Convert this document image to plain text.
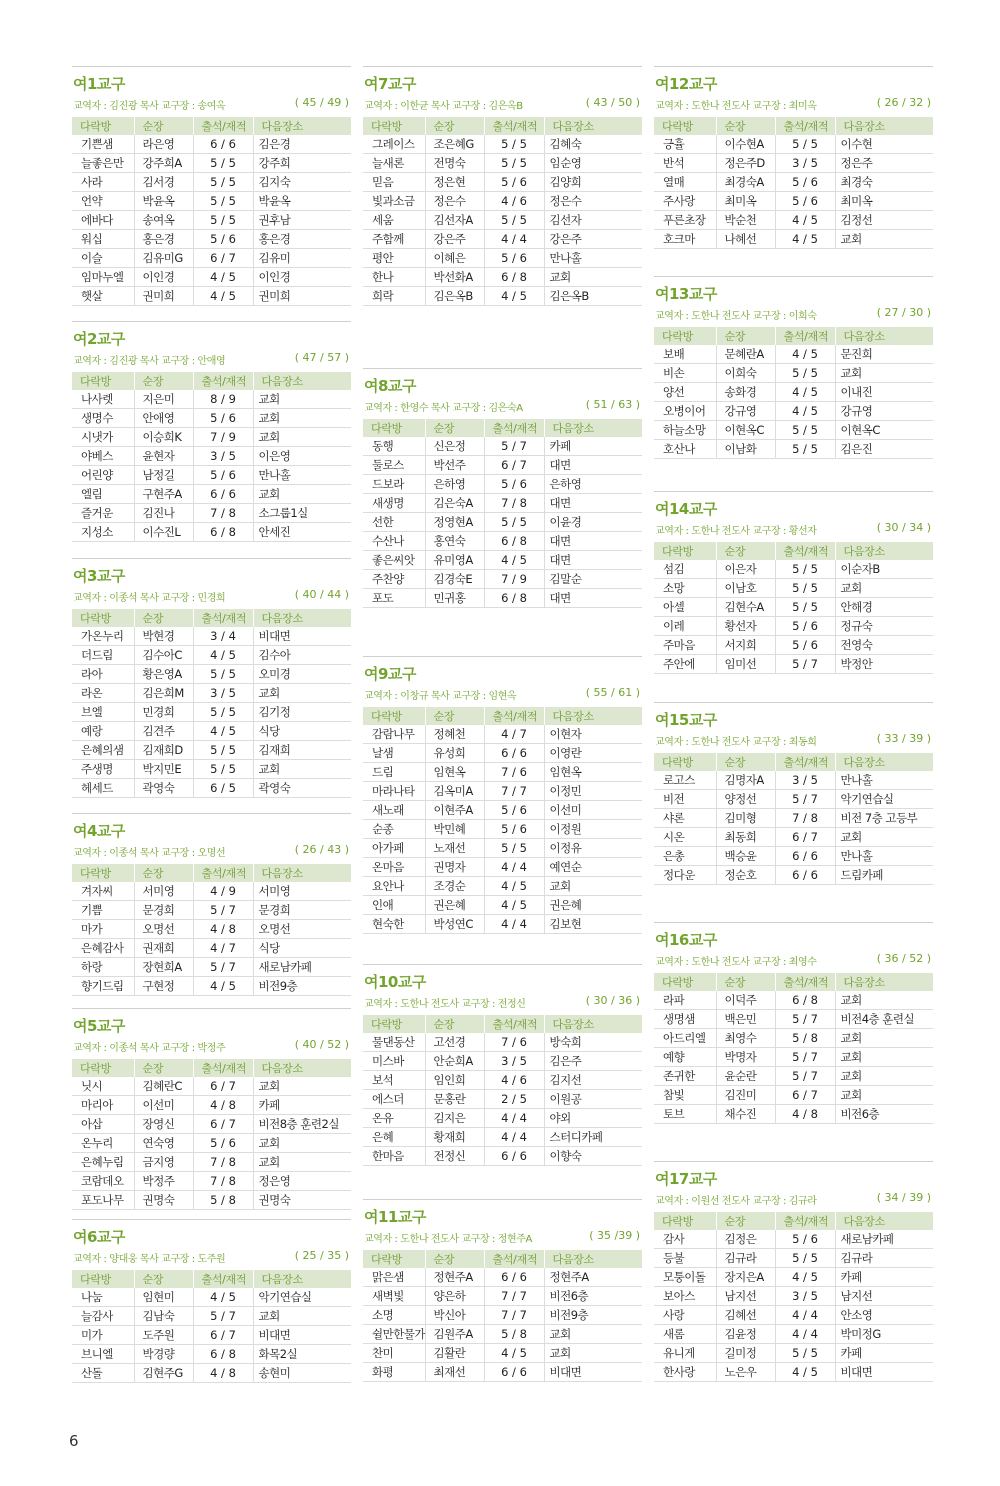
여1교구
교역자 : 김진광 목사 교구장 : 송여옥	( 45 / 49 )
다락방	순장	출석/재적	다음장소
기쁜샘	라은영	6 / 6	김은경
늘좋은만	강주희A	5 / 5	강주희
사라	김서경	5 / 5	김지숙
언약	박윤옥	5 / 5	박윤옥
에바다	송여옥	5 / 5	권후남
워십	홍은경	5 / 6	홍은경
이슬	김유미G	6 / 7	김유미
임마누엘	이인경	4 / 5	이인경
햇살	권미희	4 / 5	권미희
여2교구
교역자 : 김진광 목사 교구장 : 안애영	( 47 / 57 )
다락방	순장	출석/재적	다음장소
나사렛	지은미	8 / 9	교회
생명수	안애영	5 / 6	교회
시냇가	이승희K	7 / 9	교회
야베스	윤현자	3 / 5	이은영
어린양	남정길	5 / 6	만나홀
엘림	구현주A	6 / 6	교회
즐거운	김진나	7 / 8	소그룹1실
지성소	이수진L	6 / 8	안세진
여3교구
교역자 : 이종석 목사 교구장 : 민경희	( 40 / 44 )
다락방	순장	출석/재적	다음장소
가온누리	박현경	3 / 4	비대면
더드림	김수아C	4 / 5	김수아
라아	황은영A	5 / 5	오미경
라온	김은희M	3 / 5	교회
브엘	민경희	5 / 5	김기정
예랑	김견주	4 / 5	식당
은혜의샘	김재희D	5 / 5	김재희
주생명	박지민E	5 / 5	교회
헤세드	곽영숙	6 / 5	곽영숙
여4교구
교역자 : 이종석 목사 교구장 : 오명선	( 26 / 43 )
다락방	순장	출석/재적	다음장소
겨자씨	서미영	4 / 9	서미영
기쁨	문경희	5 / 7	문경희
마가	오명선	4 / 8	오명선
은혜감사	권재희	4 / 7	식당
하랑	장현희A	5 / 7	새로남카페
향기드림	구현정	4 / 5	비전9층
여5교구
교역자 : 이종석 목사 교구장 : 박정주	( 40 / 52 )
다락방	순장	출석/재적	다음장소
닛시	김혜란C	6 / 7	교회
마리아	이선미	4 / 8	카페
아삽	장영신	6 / 7	비전8층 훈련2실
온누리	연숙영	5 / 6	교회
은혜누림	금지영	7 / 8	교회
코람데오	박정주	7 / 8	정은영
포도나무	권명숙	5 / 8	권명숙
여6교구
교역자 : 양대웅 목사 교구장 : 도주원	( 25 / 35 )
다락방	순장	출석/재적	다음장소
나눔	임현미	4 / 5	악기연습실
늘감사	김남숙	5 / 7	교회
미가	도주원	6 / 7	비대면
브니엘	박경량	6 / 8	화목2실
산돌	김현주G	4 / 8	송현미
여7교구
교역자 : 이한균 목사 교구장 : 김은옥B	( 43 / 50 )
다락방	순장	출석/재적	다음장소
그레이스	조은혜G	5 / 5	김혜숙
늘새론	전명숙	5 / 5	임순영
믿음	정은현	5 / 6	김양희
빛과소금	정은수	4 / 6	정은수
세움	김선자A	5 / 5	김선자
주함께	강은주	4 / 4	강은주
평안	이혜은	5 / 6	만나홀
한나	박선화A	6 / 8	교회
희락	김은옥B	4 / 5	김은옥B
여8교구
교역자 : 한영수 목사 교구장 : 김은숙A	( 51 / 63 )
다락방	순장	출석/재적	다음장소
동행	신은정	5 / 7	카페
둘로스	박선주	6 / 7	대면
드보라	은하영	5 / 6	은하영
새생명	김은숙A	7 / 8	대면
선한	정영현A	5 / 5	이윤경
수산나	홍연숙	6 / 8	대면
좋은씨앗	유미영A	4 / 5	대면
주찬양	김경숙E	7 / 9	김말순
포도	민귀홍	6 / 8	대면
여9교구
교역자 : 이창규 목사 교구장 : 임현옥	( 55 / 61 )
다락방	순장	출석/재적	다음장소
감람나무	정혜천	4 / 7	이현자
날샘	유성희	6 / 6	이영란
드림	임현옥	7 / 6	임현옥
마라나타	김옥미A	7 / 7	이정민
새노래	이현주A	5 / 6	이선미
순종	박민혜	5 / 6	이정원
아가페	노재선	5 / 5	이정유
온마음	권명자	4 / 4	예연순
요안나	조경순	4 / 5	교회
인애	권은혜	4 / 5	권은혜
현숙한	박성연C	4 / 4	김보현
여10교구
교역자 : 도한나 전도사 교구장 : 전정신	( 30 / 36 )
다락방	순장	출석/재적	다음장소
물댄동산	고선경	7 / 6	방숙희
미스바	안순희A	3 / 5	김은주
보석	임인희	4 / 6	김지선
에스더	문홍란	2 / 5	이원공
온유	김지은	4 / 4	야외
은혜	황재희	4 / 4	스터디카페
한마음	전정신	6 / 6	이향숙
여11교구
교역자 : 도한나 전도사 교구장 : 정현주A	( 35 /39 )
다락방	순장	출석/재적	다음장소
맑은샘	정현주A	6 / 6	정현주A
새벽빛	양은하	7 / 7	비전6층
소명	박신아	7 / 7	비전9층
쉴만한물가	김원주A	5 / 8	교회
찬미	김활란	4 / 5	교회
화평	최재선	6 / 6	비대면
여12교구
교역자 : 도한나 전도사 교구장 : 최미옥	( 26 / 32 )
다락방	순장	출석/재적	다음장소
긍휼	이수현A	5 / 5	이수현
반석	정은주D	3 / 5	정은주
열매	최경숙A	5 / 6	최경숙
주사랑	최미옥	5 / 6	최미옥
푸른초장	박순천	4 / 5	김정선
호크마	나혜선	4 / 5	교회
여13교구
교역자 : 도한나 전도사 교구장 : 이희숙	( 27 / 30 )
다락방	순장	출석/재적	다음장소
보배	문혜란A	4 / 5	문진희
비손	이희숙	5 / 5	교회
양선	송화경	4 / 5	이내진
오병이어	강규영	4 / 5	강규영
하늘소망	이현옥C	5 / 5	이현옥C
호산나	이남화	5 / 5	김은진
여14교구
교역자 : 도한나 전도사 교구장 : 황선자	( 30 / 34 )
다락방	순장	출석/재적	다음장소
섬김	이은자	5 / 5	이순자B
소망	이남호	5 / 5	교회
아셀	김현수A	5 / 5	안해경
이레	황선자	5 / 6	정규숙
주마음	서지희	5 / 6	전영숙
주안에	임미선	5 / 7	박정안
여15교구
교역자 : 도한나 전도사 교구장 : 최동희	( 33 / 39 )
다락방	순장	출석/재적	다음장소
로고스	김명자A	3 / 5	만나홀
비전	양정선	5 / 7	악기연습실
샤론	김미형	7 / 8	비전 7층 고등부
시온	최동희	6 / 7	교회
은총	백승윤	6 / 6	만나홀
정다운	정순호	6 / 6	드림카페
여16교구
교역자 : 도한나 전도사 교구장 : 최영수	( 36 / 52 )
다락방	순장	출석/재적	다음장소
라파	이덕주	6 / 8	교회
생명샘	백은민	5 / 7	비전4층 훈련실
아드리엘	최영수	5 / 8	교회
예향	박명자	5 / 7	교회
존귀한	윤순란	5 / 7	교회
참빛	김진미	6 / 7	교회
토브	채수진	4 / 8	비전6층
여17교구
교역자 : 이원선 전도사 교구장 : 김규라	( 34 / 39 )
다락방	순장	출석/재적	다음장소
감사	김정은	5 / 6	새로남카페
등불	김규라	5 / 5	김규라
모퉁이돌	장지은A	4 / 5	카페
보아스	남지선	3 / 5	남지선
사랑	김혜선	4 / 4	안소영
새롬	김윤정	4 / 4	박미정G
유니게	길미정	5 / 5	카페
한사랑	노은우	4 / 5	비대면
6
